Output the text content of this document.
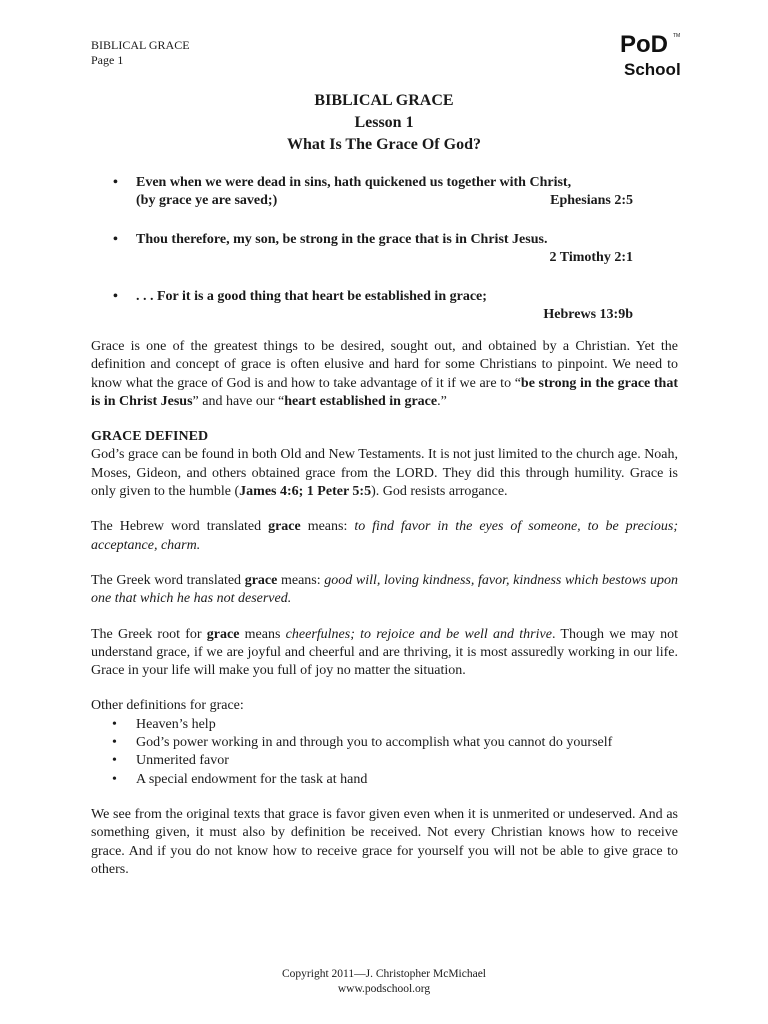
BIBLICAL GRACE
Page 1
PoD TM
School
BIBLICAL GRACE
Lesson 1
What Is The Grace Of God?
• Even when we were dead in sins, hath quickened us together with Christ,
(by grace ye are saved;)	Ephesians 2:5
• Thou therefore, my son, be strong in the grace that is in Christ Jesus.
2 Timothy 2:1
• . . . For it is a good thing that heart be established in grace;
Hebrews 13:9b

Grace is one of the greatest things to be desired, sought out, and obtained by a Christian. Yet the definition and concept of grace is often elusive and hard for some Christians to pinpoint. We need to know what the grace of God is and how to take advantage of it if we are to “be strong in the grace that is in Christ Jesus” and have our “heart established in grace.”

GRACE DEFINED

God’s grace can be found in both Old and New Testaments. It is not just limited to the church age. Noah, Moses, Gideon, and others obtained grace from the LORD. They did this through humility. Grace is only given to the humble (James 4:6; 1 Peter 5:5). God resists arrogance.

The Hebrew word translated grace means: to find favor in the eyes of someone, to be precious; acceptance, charm.

The Greek word translated grace means: good will, loving kindness, favor, kindness which bestows upon one that which he has not deserved.

The Greek root for grace means cheerfulnes; to rejoice and be well and thrive. Though we may not understand grace, if we are joyful and cheerful and are thriving, it is most assuredly working in our life. Grace in your life will make you full of joy no matter the situation.

Other definitions for grace:

• Heaven’s help
• God’s power working in and through you to accomplish what you cannot do yourself
• Unmerited favor
• A special endowment for the task at hand

We see from the original texts that grace is favor given even when it is unmerited or undeserved. And as something given, it must also by definition be received. Not every Christian knows how to receive grace. And if you do not know how to receive grace for yourself you will not be able to give grace to others.

Copyright 2011—J. Christopher McMichael
www.podschool.org
